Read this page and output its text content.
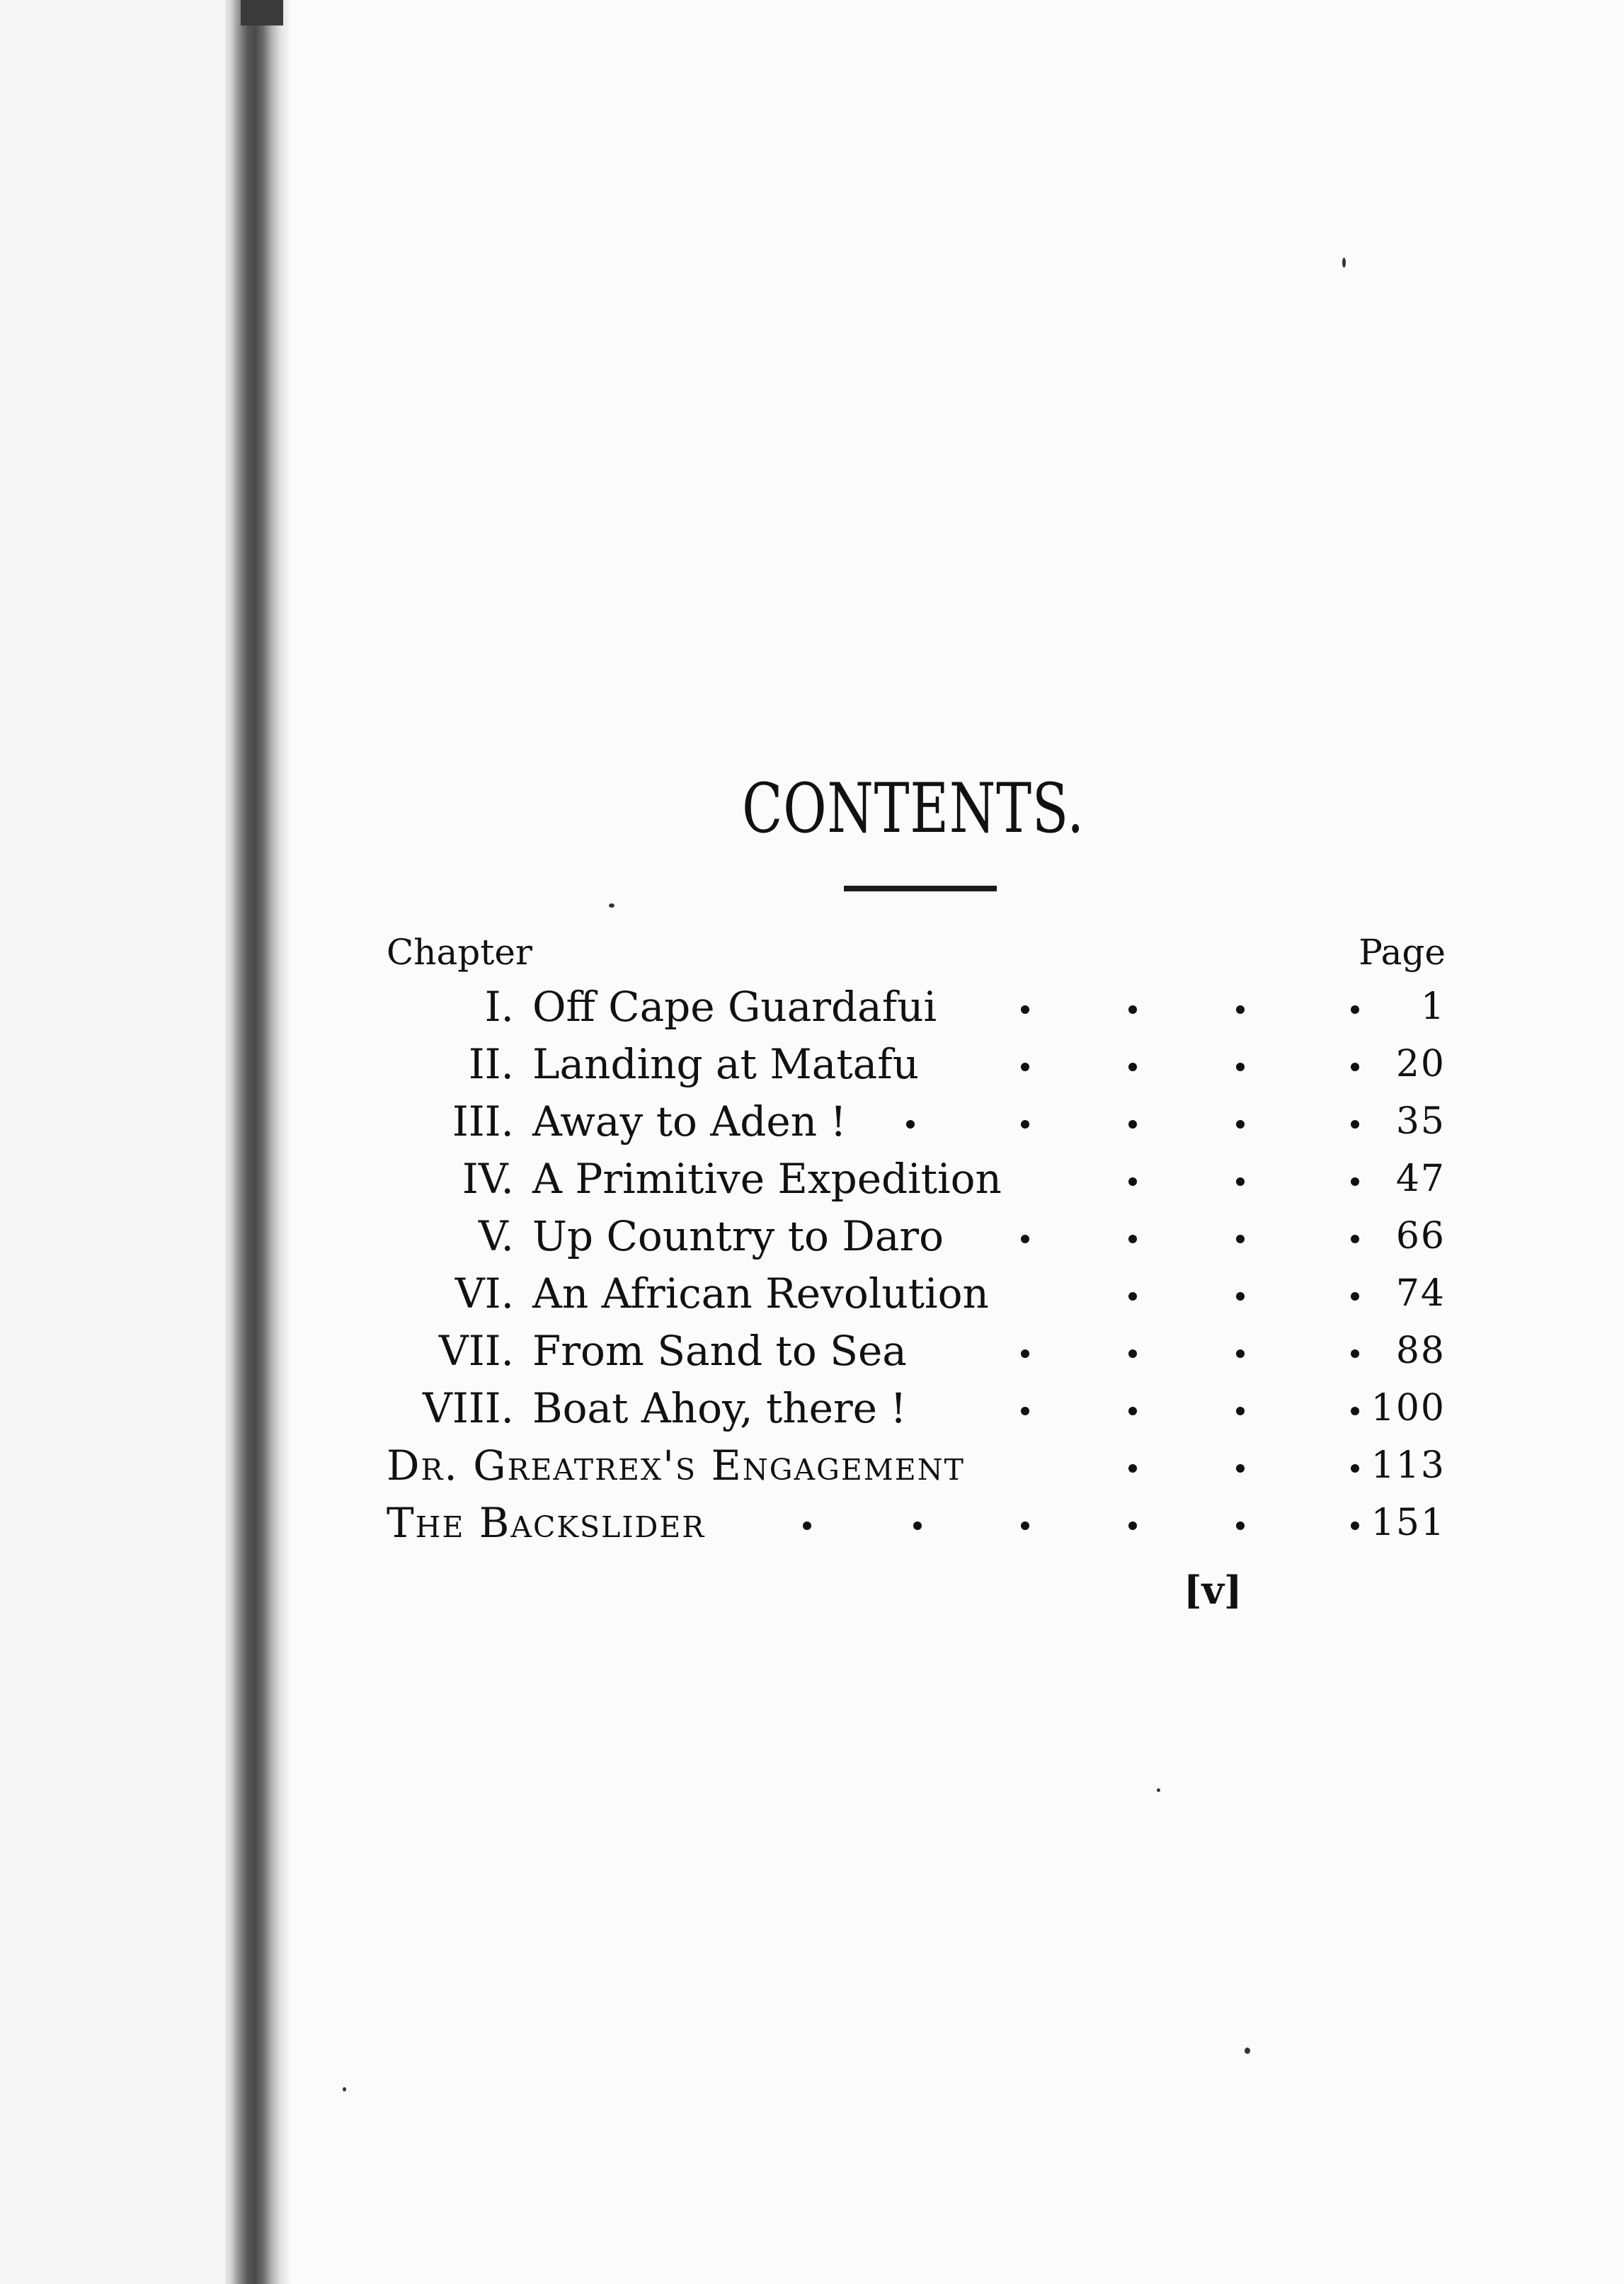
CONTENTS.
Chapter	Page
I. Off Cape Guardafui	1
II. Landing at Matafu	20
III. Away to Aden !	35
IV. A Primitive Expedition	47
V. Up Country to Daro	66
VI. An African Revolution	74
VII. From Sand to Sea	88
VIII. Boat Ahoy, there !	100
Dr. Greatrex's Engagement	113
The Backslider	151
[v]
